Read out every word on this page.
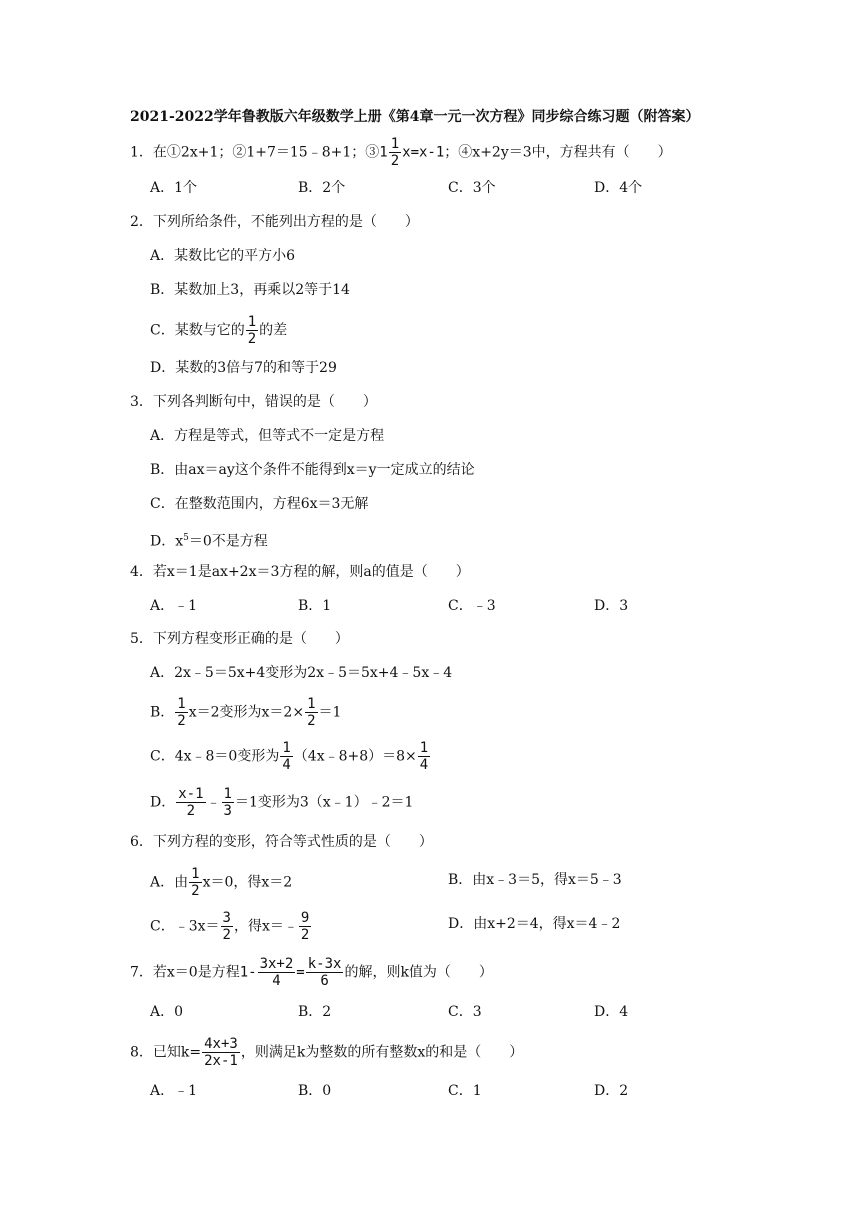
2021-2022学年鲁教版六年级数学上册《第4章一元一次方程》同步综合练习题（附答案）
1．在①2x+1；②1+7＝15﹣8+1；③1 $\frac{1}{2} x=x-1$；④x+2y＝3中，方程共有（　　）
A．1个	B．2个	C．3个	D．4个
2．下列所给条件，不能列出方程的是（　　）
A．某数比它的平方小6
B．某数加上3，再乘以2等于14
C．某数与它的 $\frac{1}{2}$ 的差
D．某数的3倍与7的和等于29
3．下列各判断句中，错误的是（　　）
A．方程是等式，但等式不一定是方程
B．由ax＝ay这个条件不能得到x＝y一定成立的结论
C．在整数范围内，方程6x＝3无解
D．$x^5=0$不是方程
4．若x＝1是ax+2x＝3方程的解，则a的值是（　　）
A．﹣1	B．1	C．﹣3	D．3
5．下列方程变形正确的是（　　）
A．2x﹣5＝5x+4变形为2x﹣5＝5x+4﹣5x﹣4
B． $\frac{1}{2} x=2$变形为$x=2\times \frac{1}{2} =1$
C．4x﹣8＝0变形为 $\frac{1}{4}$ （4x﹣8+8）＝8× $\frac{1}{4}$
D． $\frac{x-1}{2}$ ﹣ $\frac{1}{3} =1$变形为3（x﹣1）﹣2＝1
6．下列方程的变形，符合等式性质的是（　　）
A．由 $\frac{1}{2} x=0$，得x＝2	B．由x﹣3＝5，得x＝5﹣3
C．﹣3x＝ $\frac{3}{2}$ ，得x＝﹣ $\frac{9}{2}$	D．由x+2＝4，得x＝4﹣2
7．若x＝0是方程$1- \frac{3x+2}{4} = \frac{k-3x}{6}$ 的解，则k值为（　　）
A．0	B．2	C．3	D．4
8．已知$k= \frac{4x+3}{2x-1}$ ，则满足k为整数的所有整数x的和是（　　）
A．﹣1	B．0	C．1	D．2
